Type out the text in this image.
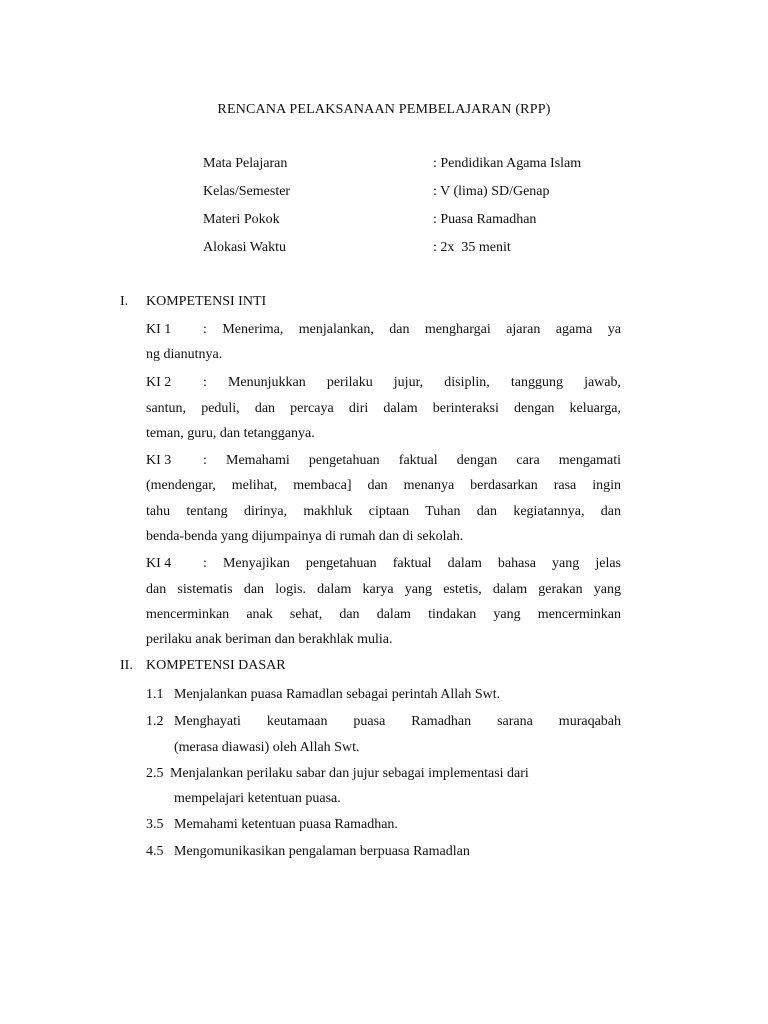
RENCANA PELAKSANAAN PEMBELAJARAN (RPP)
Mata Pelajaran	: Pendidikan Agama Islam
Kelas/Semester	: V (lima) SD/Genap
Materi Pokok	: Puasa Ramadhan
Alokasi Waktu	: 2x  35 menit
I. KOMPETENSI INTI
KI 1 : Menerima, menjalankan, dan menghargai ajaran agama ya
ng dianutnya.
KI 2 : Menunjukkan perilaku jujur, disiplin, tanggung jawab,
santun, peduli, dan percaya diri dalam berinteraksi dengan keluarga,
teman, guru, dan tetangganya.
KI 3 : Memahami pengetahuan faktual dengan cara mengamati
(mendengar, melihat, membaca] dan menanya berdasarkan rasa ingin
tahu tentang dirinya, makhluk ciptaan Tuhan dan kegiatannya, dan
benda-benda yang dijumpainya di rumah dan di sekolah.
KI 4 : Menyajikan pengetahuan faktual dalam bahasa yang jelas
dan sistematis dan logis. dalam karya yang estetis, dalam gerakan yang
mencerminkan anak sehat, dan dalam tindakan yang mencerminkan
perilaku anak beriman dan berakhlak mulia.
II. KOMPETENSI DASAR
1.1 Menjalankan puasa Ramadlan sebagai perintah Allah Swt.
1.2 Menghayati keutamaan puasa Ramadhan sarana muraqabah
(merasa diawasi) oleh Allah Swt.
2.5 Menjalankan perilaku sabar dan jujur sebagai implementasi dari
mempelajari ketentuan puasa.
3.5 Memahami ketentuan puasa Ramadhan.
4.5 Mengomunikasikan pengalaman berpuasa Ramadlan
